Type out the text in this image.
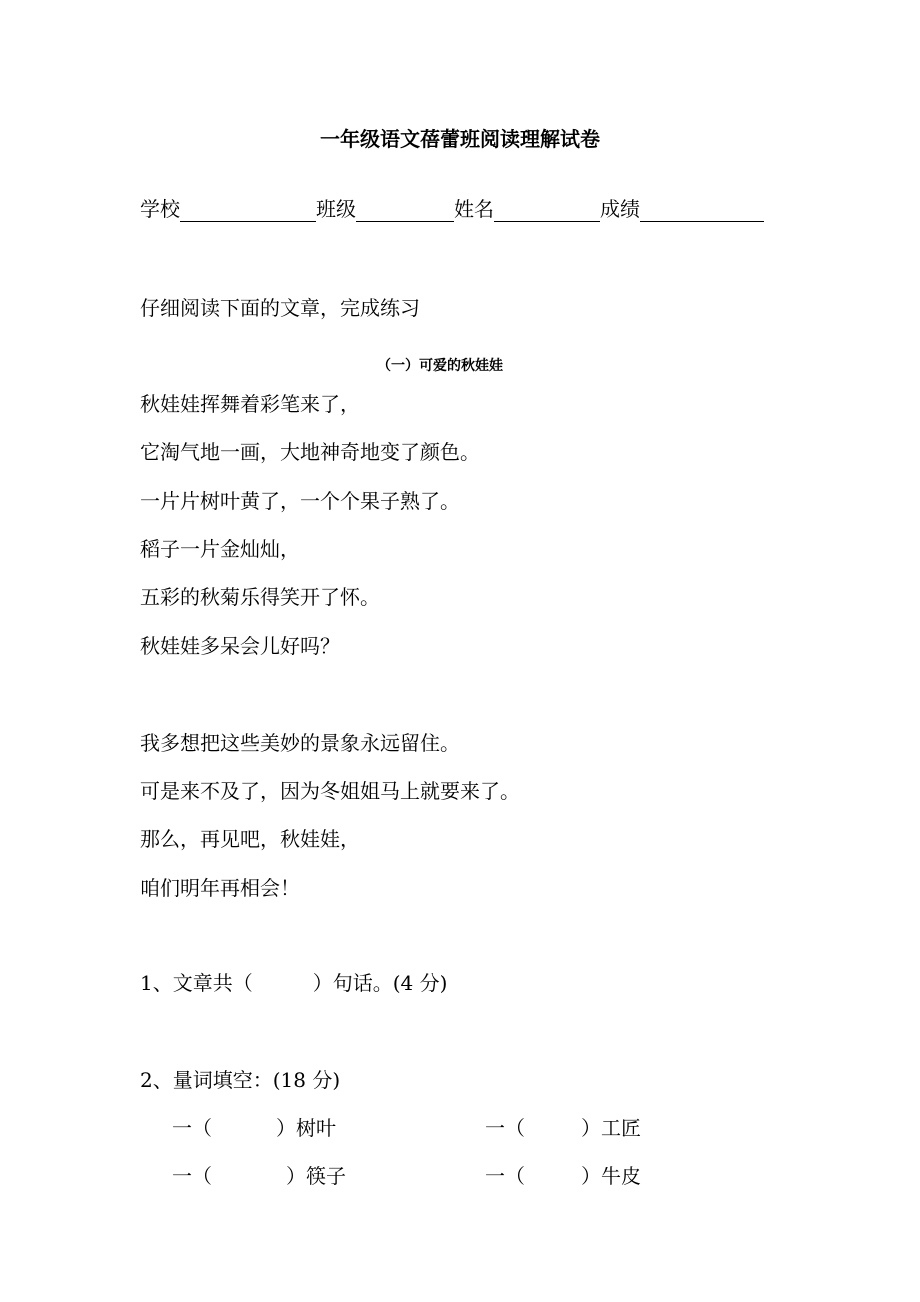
一年级语文蓓蕾班阅读理解试卷
学校	班级	姓名	成绩
仔细阅读下面的文章，完成练习
（一）可爱的秋娃娃
秋娃娃挥舞着彩笔来了，
它淘气地一画，大地神奇地变了颜色。
一片片树叶黄了，一个个果子熟了。
稻子一片金灿灿，
五彩的秋菊乐得笑开了怀。
秋娃娃多呆会儿好吗？
我多想把这些美妙的景象永远留住。
可是来不及了，因为冬姐姐马上就要来了。
那么，再见吧，秋娃娃，
咱们明年再相会！
1、文章共（　　　）句话。(4 分)
2、量词填空：(18 分)
一（	）树叶	一（	）工匠
一（	）筷子	一（	）牛皮
